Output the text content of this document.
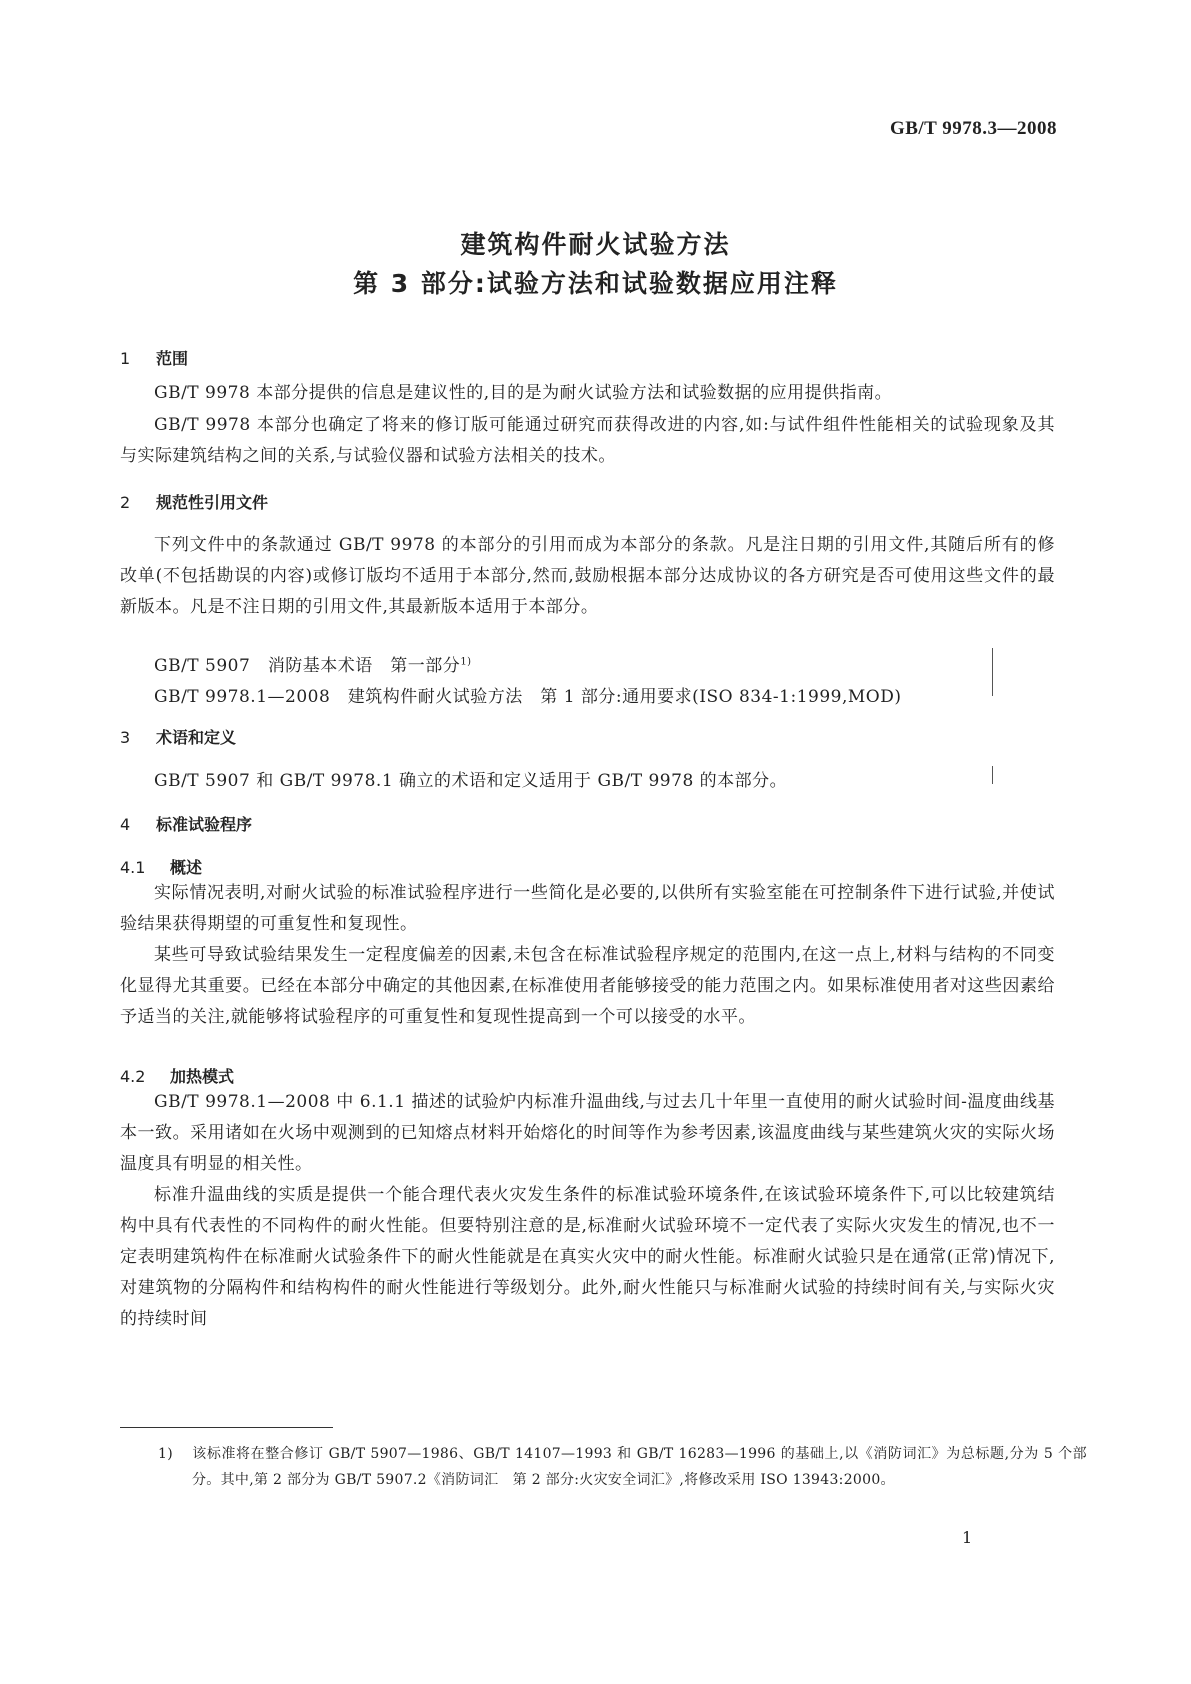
GB/T 9978.3—2008
建筑构件耐火试验方法
第 3 部分:试验方法和试验数据应用注释
1 范围
GB/T 9978 本部分提供的信息是建议性的,目的是为耐火试验方法和试验数据的应用提供指南。
GB/T 9978 本部分也确定了将来的修订版可能通过研究而获得改进的内容,如:与试件组件性能相关的试验现象及其与实际建筑结构之间的关系,与试验仪器和试验方法相关的技术。
2 规范性引用文件
下列文件中的条款通过 GB/T 9978 的本部分的引用而成为本部分的条款。凡是注日期的引用文件,其随后所有的修改单(不包括勘误的内容)或修订版均不适用于本部分,然而,鼓励根据本部分达成协议的各方研究是否可使用这些文件的最新版本。凡是不注日期的引用文件,其最新版本适用于本部分。
GB/T 5907  消防基本术语　第一部分$^{1)}$
GB/T 9978.1—2008  建筑构件耐火试验方法　第 1 部分:通用要求(ISO 834-1:1999,MOD)
3 术语和定义
GB/T 5907 和 GB/T 9978.1 确立的术语和定义适用于 GB/T 9978 的本部分。
4 标准试验程序
4.1 概述
实际情况表明,对耐火试验的标准试验程序进行一些简化是必要的,以供所有实验室能在可控制条件下进行试验,并使试验结果获得期望的可重复性和复现性。
某些可导致试验结果发生一定程度偏差的因素,未包含在标准试验程序规定的范围内,在这一点上,材料与结构的不同变化显得尤其重要。已经在本部分中确定的其他因素,在标准使用者能够接受的能力范围之内。如果标准使用者对这些因素给予适当的关注,就能够将试验程序的可重复性和复现性提高到一个可以接受的水平。
4.2 加热模式
GB/T 9978.1—2008 中 6.1.1 描述的试验炉内标准升温曲线,与过去几十年里一直使用的耐火试验时间-温度曲线基本一致。采用诸如在火场中观测到的已知熔点材料开始熔化的时间等作为参考因素,该温度曲线与某些建筑火灾的实际火场温度具有明显的相关性。
标准升温曲线的实质是提供一个能合理代表火灾发生条件的标准试验环境条件,在该试验环境条件下,可以比较建筑结构中具有代表性的不同构件的耐火性能。但要特别注意的是,标准耐火试验环境不一定代表了实际火灾发生的情况,也不一定表明建筑构件在标准耐火试验条件下的耐火性能就是在真实火灾中的耐火性能。标准耐火试验只是在通常(正常)情况下,对建筑物的分隔构件和结构构件的耐火性能进行等级划分。此外,耐火性能只与标准耐火试验的持续时间有关,与实际火灾的持续时间
1) 该标准将在整合修订 GB/T 5907—1986、GB/T 14107—1993 和 GB/T 16283—1996 的基础上,以《消防词汇》为总标题,分为 5 个部分。其中,第 2 部分为 GB/T 5907.2《消防词汇　第 2 部分:火灾安全词汇》,将修改采用 ISO 13943:2000。
1
